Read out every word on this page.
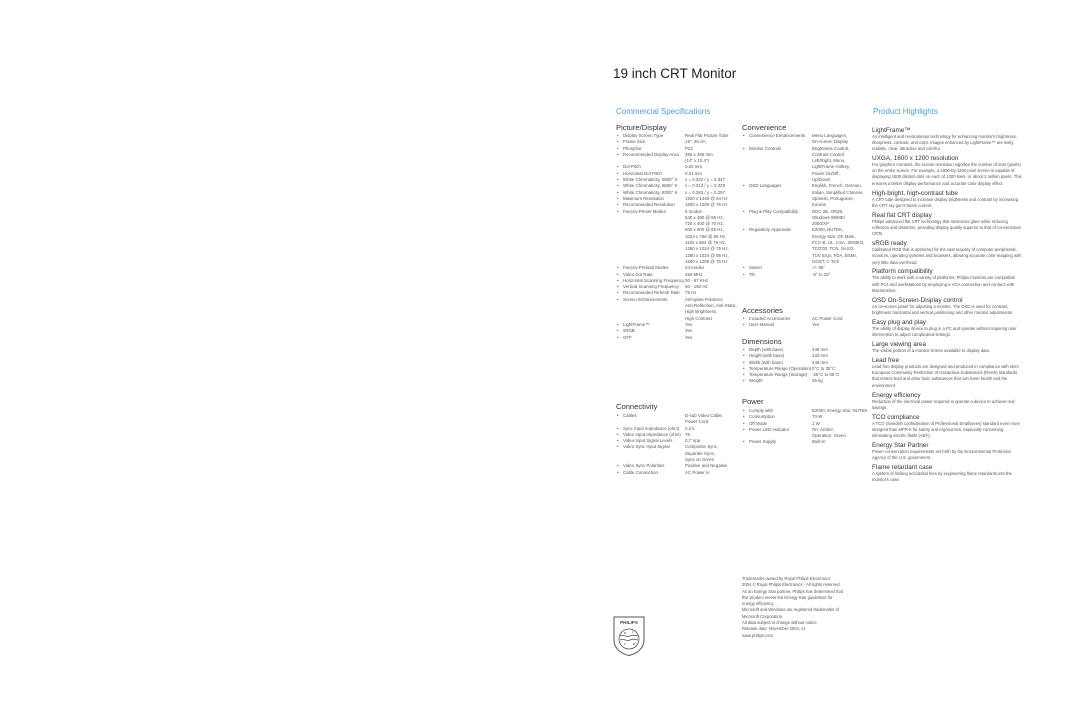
19 inch CRT Monitor
Commercial Specifications	Product Highlights
Picture/Display
•	Display Screen Type	Real Flat Picture Tube
•	Frame Size	19", 46 cm
•	Phosphor	P22
•	Recommended Display Area	355 x 266 mm
(14" x 10.4")
•	Dot Pitch	0.25 mm
•	Horizontal Dot Pitch	0.21 mm
•	White Chromaticity, 5500° K	x = 0.332 / y = 0.347
•	White Chromaticity, 6500° K	x = 0.313 / y = 0.329
•	White Chromaticity, 9300° K	x = 0.283 / y = 0.297
•	Maximum Resolution	1920 x 1440 @ 64 Hz
•	Recommended Resolution	1600 x 1200 @ 75 Hz
•	Factory Preset Modes	8 modes
640 x 480 @ 85 Hz,
720 x 400 @ 70 Hz,
800 x 600 @ 85 Hz,
1024 x 768 @ 85 Hz,
1152 x 864 @ 75 Hz,
1280 x 1024 @ 75 Hz,
1280 x 1024 @ 85 Hz,
1600 x 1200 @ 75 Hz
•	Factory Preload Modes	24 modes
•	Video Dot Rate	250 MHz
•	Horizontal Scanning Frequency 30 - 97 KHz
•	Vertical Scanning Frequency	50 - 160 Hz
•	Recommended Refresh Rate	75 Hz
•	Screen Enhancements	Anti-glare Polarizer,
Anti-Reflection, Anti-Static,
High Brightness,
High Contrast
•	LightFrame™	Yes
•	sRGB	Yes
•	GTF	Yes
Connectivity
•	Cables	D-sub Video Cable,
Power Cord
•	Sync Input Impedance (ohm)	2.2 k
•	Video Input Impedance (ohm) 75
•	Video Input Signal Levels	0.7 Vpp
•	Video Sync Input Signal	Composite Sync,
Separate Sync,
Sync on Green
•	Video Sync Polarities	Positive and Negative
•	Cable Connection	AC Power in
Convenience
•	Convenience Enhancements	Menu Languages,
On-screen Display
•	Monitor Controls	Brightness Control,
Contrast Control
Left/Right, Menu,
LightFrame Hotkey,
Power On/Off,
Up/Down
•	OSD Languages	English, French, German,
Italian, Simplified Chinese,
Spanish, Portuguese,
Korean
•	Plug & Play Compatibility	DDC 2B, sRGB,
Windows 98/ME/
2000/XP
•	Regulatory Approvals	E2000, NUTEK,
Energy Star, CE Mark,
FCC-B, UL, CSA, SEMKO,
TCO'03, TCN, SASO,
TÜV Ergo, FDA, BSMI,
GOST, C-Tick
•	Swivel	+/- 90°
•	Tilt	-5° to 25°
Accessories
•	Included Accessories	AC Power Cord
•	User Manual	Yes
Dimensions
•	Depth (with base)	449 mm
•	Height (with base)	433 mm
•	Width (with base)	448 mm
•	Temperature Range (Operation) 0°C to 35°C
•	Temperature Range (Storage)	-25°C to 65°C
•	Weight	25 kg
Power
•	Comply with	E2000, Energy Star, NUTEK
•	Consumption	70 W
•	Off Mode	1 W
•	Power LED Indicator	On: Amber,
Operation: Green
•	Power Supply	Built-in
LightFrame™
An intelligent and revolutionary technology for enhancing monitor's brightness, sharpness, contrast, and color. Images enhanced by LightFrame™ are lively, realistic, clear, attractive and colorful.
UXGA, 1600 x 1200 resolution
For graphics monitors, the screen resolution signifies the number of dots (pixels) on the entire screen. For example, a 1600-by-1200 pixel screen is capable of displaying 1600 distinct dots on each of 1200 lines, or about 2 million pixels. This ensures a better display performance and accurate color display effect.
High-bright, high-contrast tube
A CRT tube designed to increase display brightness and contrast by increasing the CRT ray gun's beam current.
Real flat CRT display
Philips advanced flat CRT technology that minimizes glare while reducing reflection and distortion, providing display quality superior to that of conventional CRTs.
sRGB ready
Calibrated RGB that is optimized for the vast majority of computer peripherals, monitors, operating systems and browsers, allowing accurate color mapping with very little data overhead.
Platform compatibility
The ability to work with a variety of platforms; Philips monitors are compatible with PCs and workstations by employing a VGA connection and connect with Macintoshes.
OSD On-Screen-Display control
An on-screen panel for adjusting a monitor. The OSD is used for contrast, brightness horizontal and vertical positioning and other monitor adjustments.
Easy plug and play
The ability of display device to plug in a PC and operate without requiring user intervention to adjust complicated settings.
Large viewing area
The visible portion of a monitor screen available to display data.
Lead free
Lead free display products are designed and produced in compliance with strict European Community Restriction of Hazardous Substances (RoHS) standards that restrict lead and other toxic substances that can harm health and the environment.
Energy efficiency
Reduction of the electrical power required to operate a device to achieve real savings.
TCO compliance
A TCO (Swedish confederation of Professional Employees) standard even more stringent than MPR-II for safety and ergonomics, especially concerning eliminating electric fields (AEF).
Energy Star Partner
Power conservation requirements set forth by the Environmental Protection Agency of the U.S. government.
Flame retardant case
A system of limiting accidental fires by engineering flame retardants into the monitor's case.
Trademarks owned by Royal Philips Electronics
2004 © Royal Philips Electronics - All rights reserved
As an Energy Star partner, Philips has determined that
this product meets the Energy Star guidelines for
energy efficiency.
Microsoft and Windows are registered trademarks of
Microsoft Corporation.
All data subject to change without notice
Release date: November 2004, v2
www.philips.com
PHILIPS
